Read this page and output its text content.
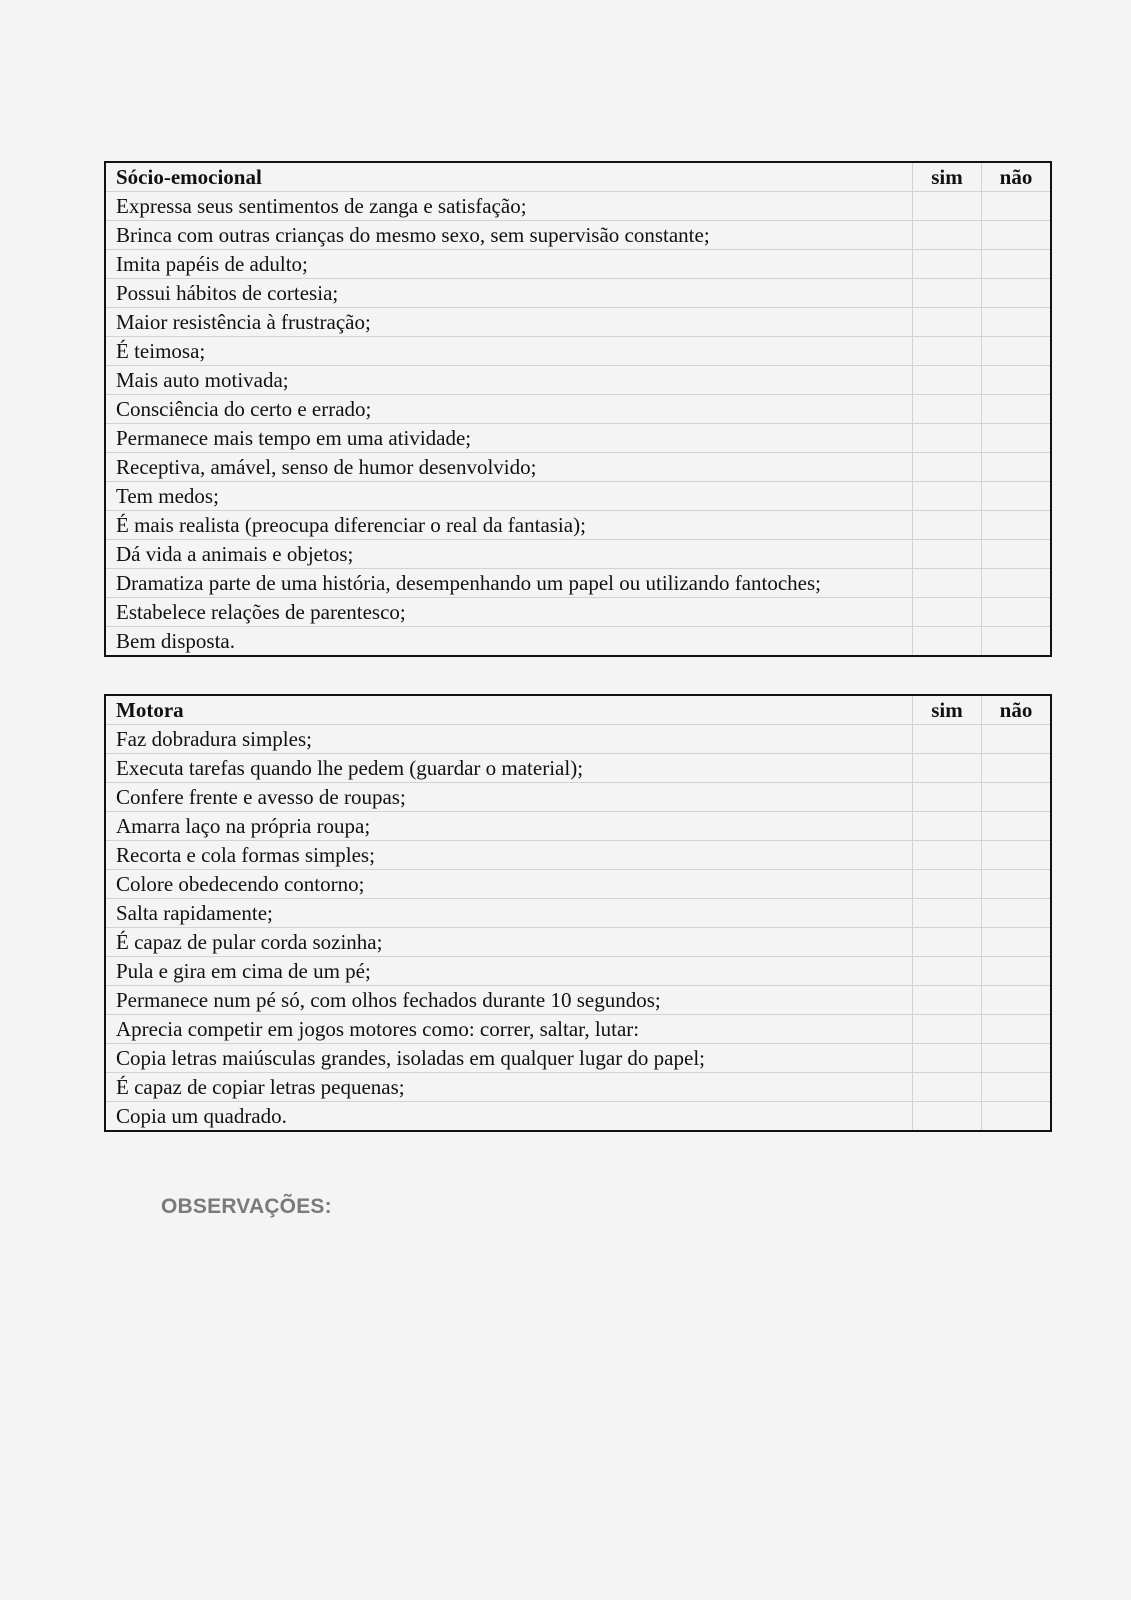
Sócio-emocional	sim	não
Expressa seus sentimentos de zanga e satisfação;		
Brinca com outras crianças do mesmo sexo, sem supervisão constante;		
Imita papéis de adulto;		
Possui hábitos de cortesia;		
Maior resistência à frustração;		
É teimosa;		
Mais auto motivada;		
Consciência do certo e errado;		
Permanece mais tempo em uma atividade;		
Receptiva, amável, senso de humor desenvolvido;		
Tem medos;		
É mais realista (preocupa diferenciar o real da fantasia);		
Dá vida a animais e objetos;		
Dramatiza parte de uma história, desempenhando um papel ou utilizando fantoches;		
Estabelece relações de parentesco;		
Bem disposta.		
Motora	sim	não
Faz dobradura simples;		
Executa tarefas quando lhe pedem (guardar o material);		
Confere frente e avesso de roupas;		
Amarra laço na própria roupa;		
Recorta e cola formas simples;		
Colore obedecendo contorno;		
Salta rapidamente;		
É capaz de pular corda sozinha;		
Pula e gira em cima de um pé;		
Permanece num pé só, com olhos fechados durante 10 segundos;		
Aprecia competir em jogos motores como: correr, saltar, lutar:		
Copia letras maiúsculas grandes, isoladas em qualquer lugar do papel;		
É capaz de copiar letras pequenas;		
Copia um quadrado.		
OBSERVAÇÕES:
